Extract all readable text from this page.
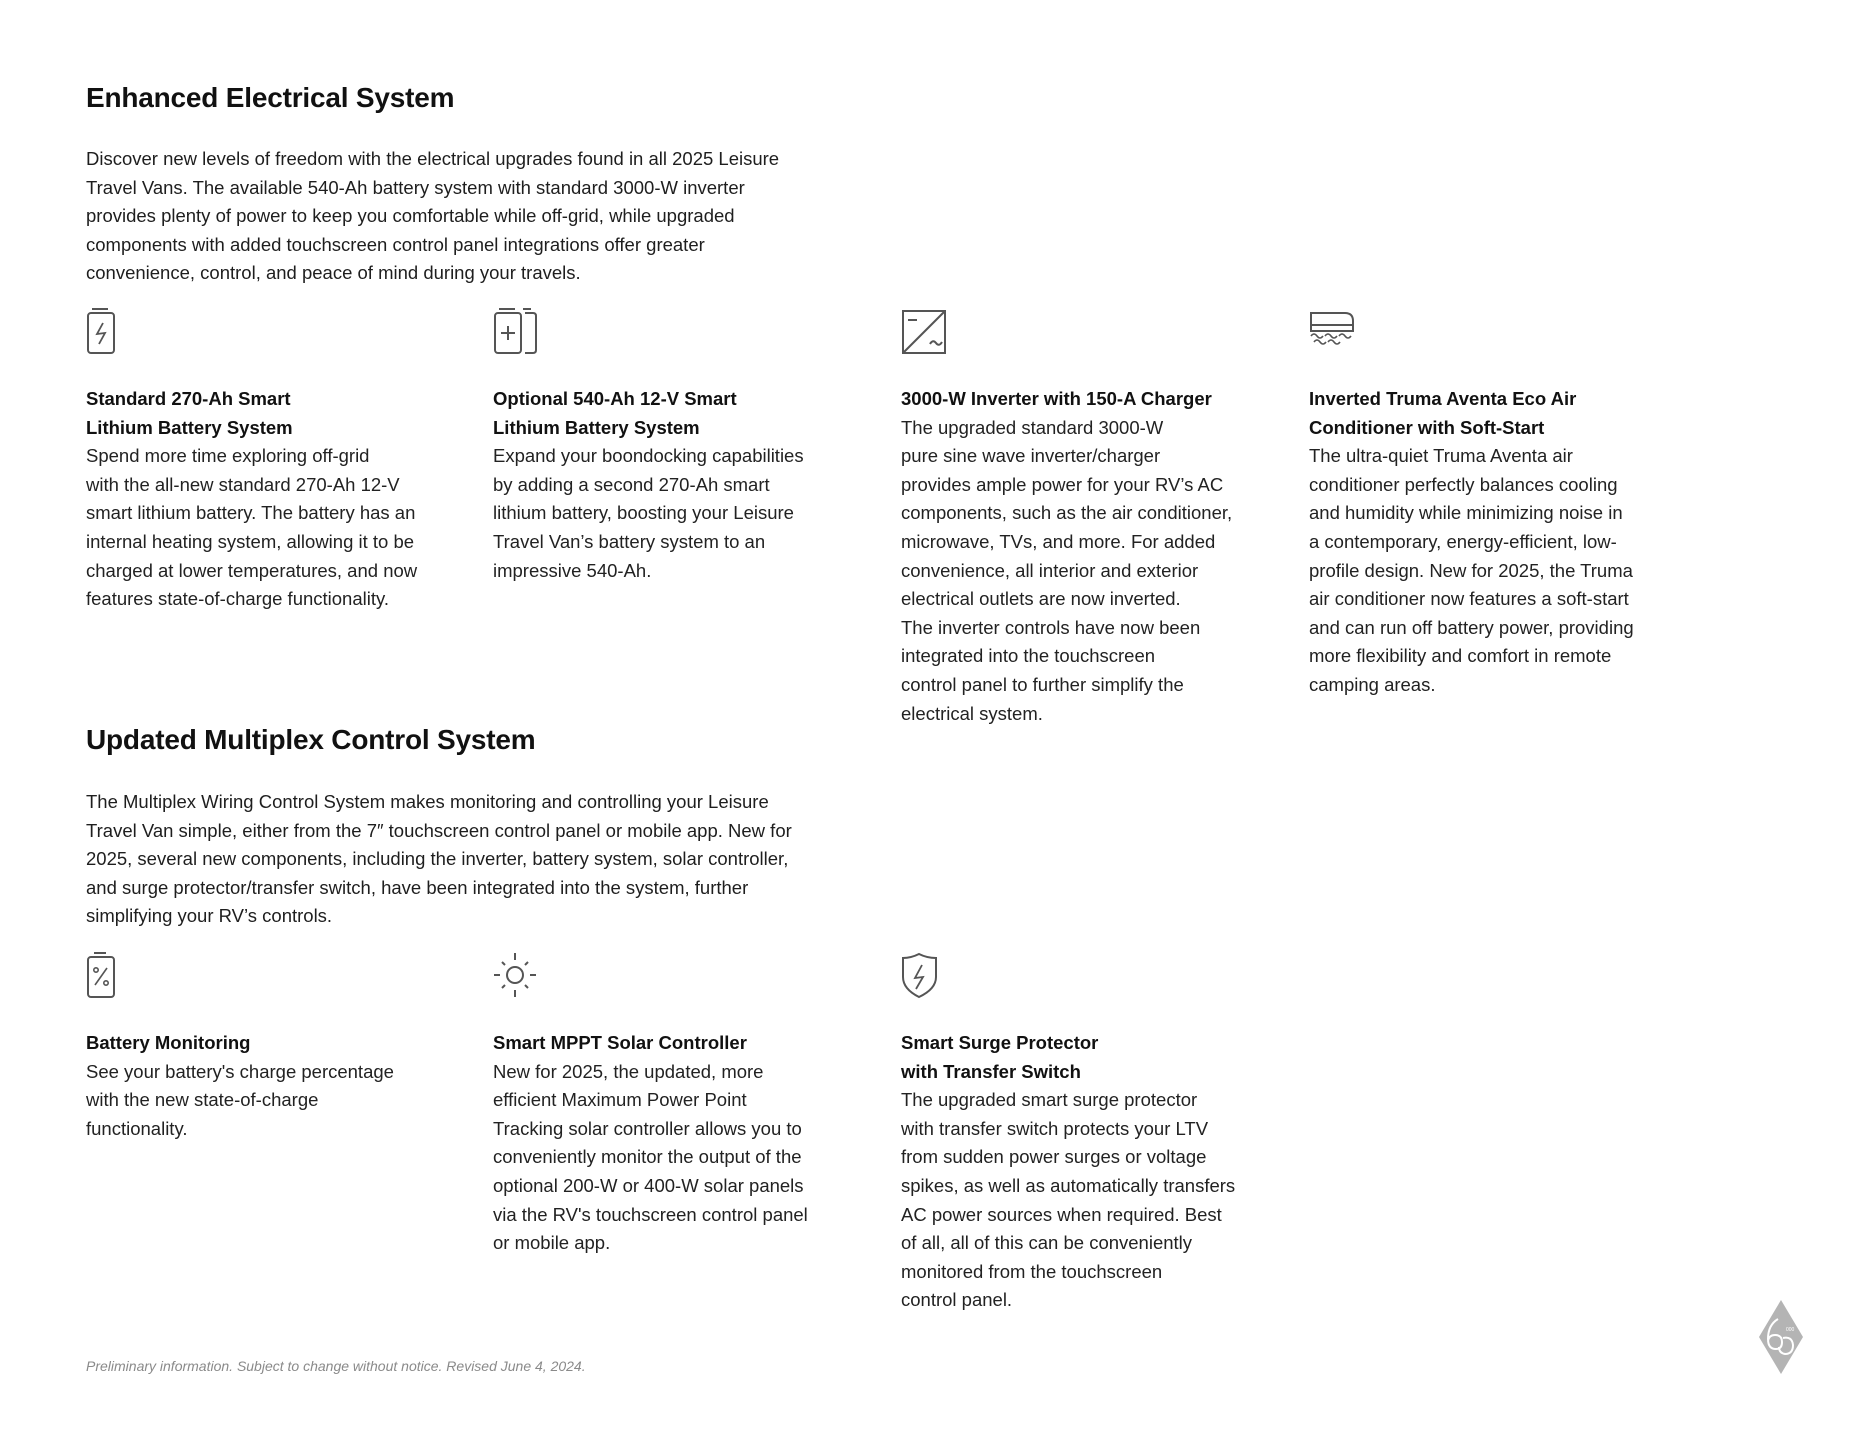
Enhanced Electrical System

Discover new levels of freedom with the electrical upgrades found in all 2025 Leisure
Travel Vans. The available 540-Ah battery system with standard 3000-W inverter
provides plenty of power to keep you comfortable while off-grid, while upgraded
components with added touchscreen control panel integrations offer greater
convenience, control, and peace of mind during your travels.

Standard 270-Ah Smart
Lithium Battery System

Spend more time exploring off-grid
with the all-new standard 270-Ah 12-V
smart lithium battery. The battery has an
internal heating system, allowing it to be
charged at lower temperatures, and now
features state-of-charge functionality.

Optional 540-Ah 12-V Smart
Lithium Battery System

Expand your boondocking capabilities
by adding a second 270-Ah smart
lithium battery, boosting your Leisure
Travel Van’s battery system to an
impressive 540-Ah.

3000-W Inverter with 150-A Charger

The upgraded standard 3000-W
pure sine wave inverter/charger
provides ample power for your RV’s AC
components, such as the air conditioner,
microwave, TVs, and more. For added
convenience, all interior and exterior
electrical outlets are now inverted.
The inverter controls have now been
integrated into the touchscreen
control panel to further simplify the
electrical system.

Inverted Truma Aventa Eco Air
Conditioner with Soft-Start

The ultra-quiet Truma Aventa air
conditioner perfectly balances cooling
and humidity while minimizing noise in
a contemporary, energy-efficient, low-
profile design. New for 2025, the Truma
air conditioner now features a soft-start
and can run off battery power, providing
more flexibility and comfort in remote
camping areas.

Updated Multiplex Control System

The Multiplex Wiring Control System makes monitoring and controlling your Leisure
Travel Van simple, either from the 7″ touchscreen control panel or mobile app. New for
2025, several new components, including the inverter, battery system, solar controller,
and surge protector/transfer switch, have been integrated into the system, further
simplifying your RV’s controls.

Battery Monitoring

See your battery's charge percentage
with the new state-of-charge
functionality.

Smart MPPT Solar Controller

New for 2025, the updated, more
efficient Maximum Power Point
Tracking solar controller allows you to
conveniently monitor the output of the
optional 200-W or 400-W solar panels
via the RV's touchscreen control panel
or mobile app.

Smart Surge Protector
with Transfer Switch

The upgraded smart surge protector
with transfer switch protects your LTV
from sudden power surges or voltage
spikes, as well as automatically transfers
AC power sources when required. Best
of all, all of this can be conveniently
monitored from the touchscreen
control panel.

Preliminary information. Subject to change without notice. Revised June 4, 2024.
000
